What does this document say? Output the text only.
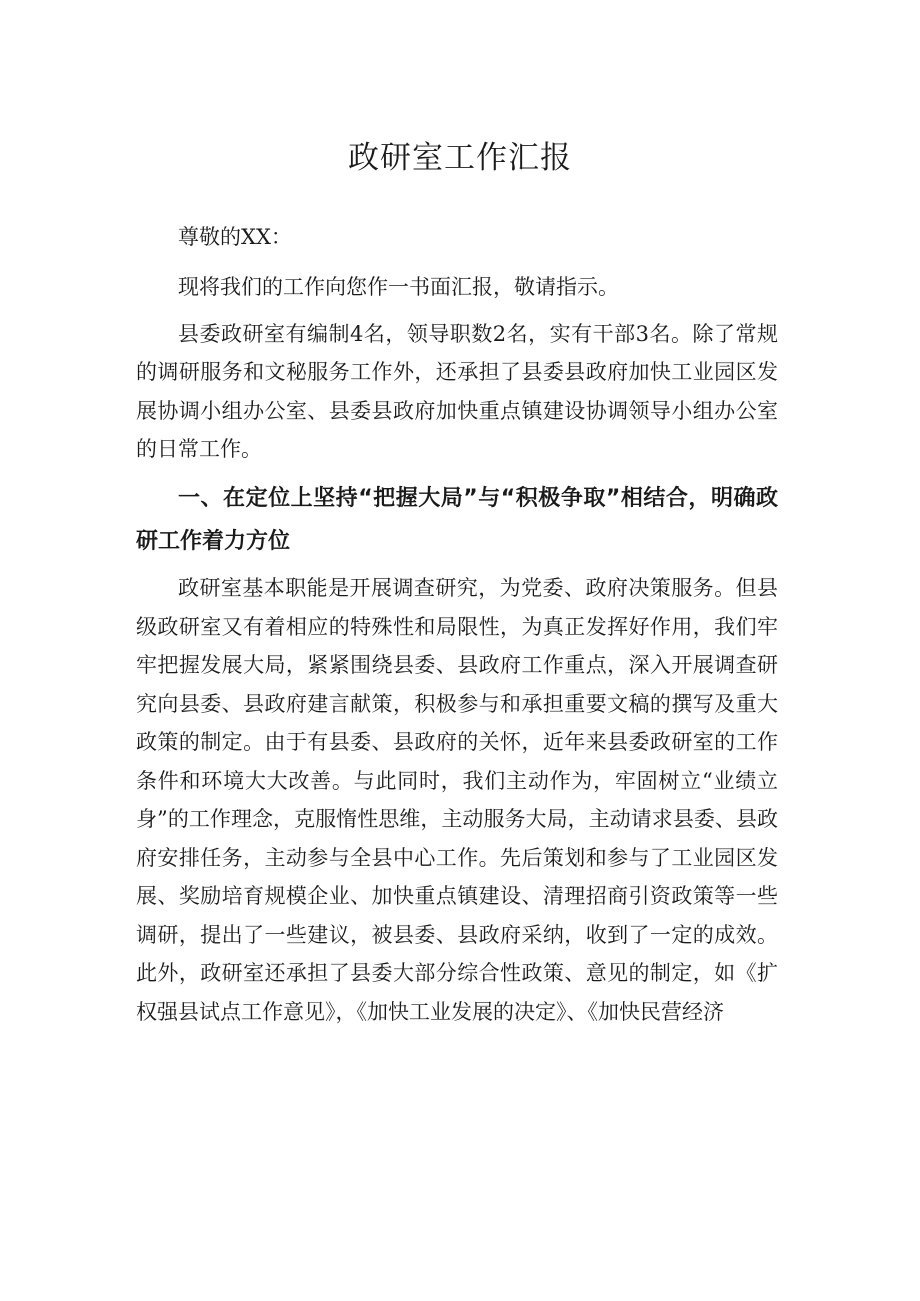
政研室工作汇报

尊敬的XX：

现将我们的工作向您作一书面汇报，敬请指示。

县委政研室有编制4名，领导职数2名，实有干部3名。除了常规的调研服务和文秘服务工作外，还承担了县委县政府加快工业园区发展协调小组办公室、县委县政府加快重点镇建设协调领导小组办公室的日常工作。

一、在定位上坚持“把握大局”与“积极争取”相结合，明确政研工作着力方位

政研室基本职能是开展调查研究，为党委、政府决策服务。但县级政研室又有着相应的特殊性和局限性，为真正发挥好作用，我们牢牢把握发展大局，紧紧围绕县委、县政府工作重点，深入开展调查研究向县委、县政府建言献策，积极参与和承担重要文稿的撰写及重大政策的制定。由于有县委、县政府的关怀，近年来县委政研室的工作条件和环境大大改善。与此同时，我们主动作为，牢固树立“业绩立身”的工作理念，克服惰性思维，主动服务大局，主动请求县委、县政府安排任务，主动参与全县中心工作。先后策划和参与了工业园区发展、奖励培育规模企业、加快重点镇建设、清理招商引资政策等一些调研，提出了一些建议，被县委、县政府采纳，收到了一定的成效。此外，政研室还承担了县委大部分综合性政策、意见的制定，如《扩权强县试点工作意见》，《加快工业发展的决定》、《加快民营经济
